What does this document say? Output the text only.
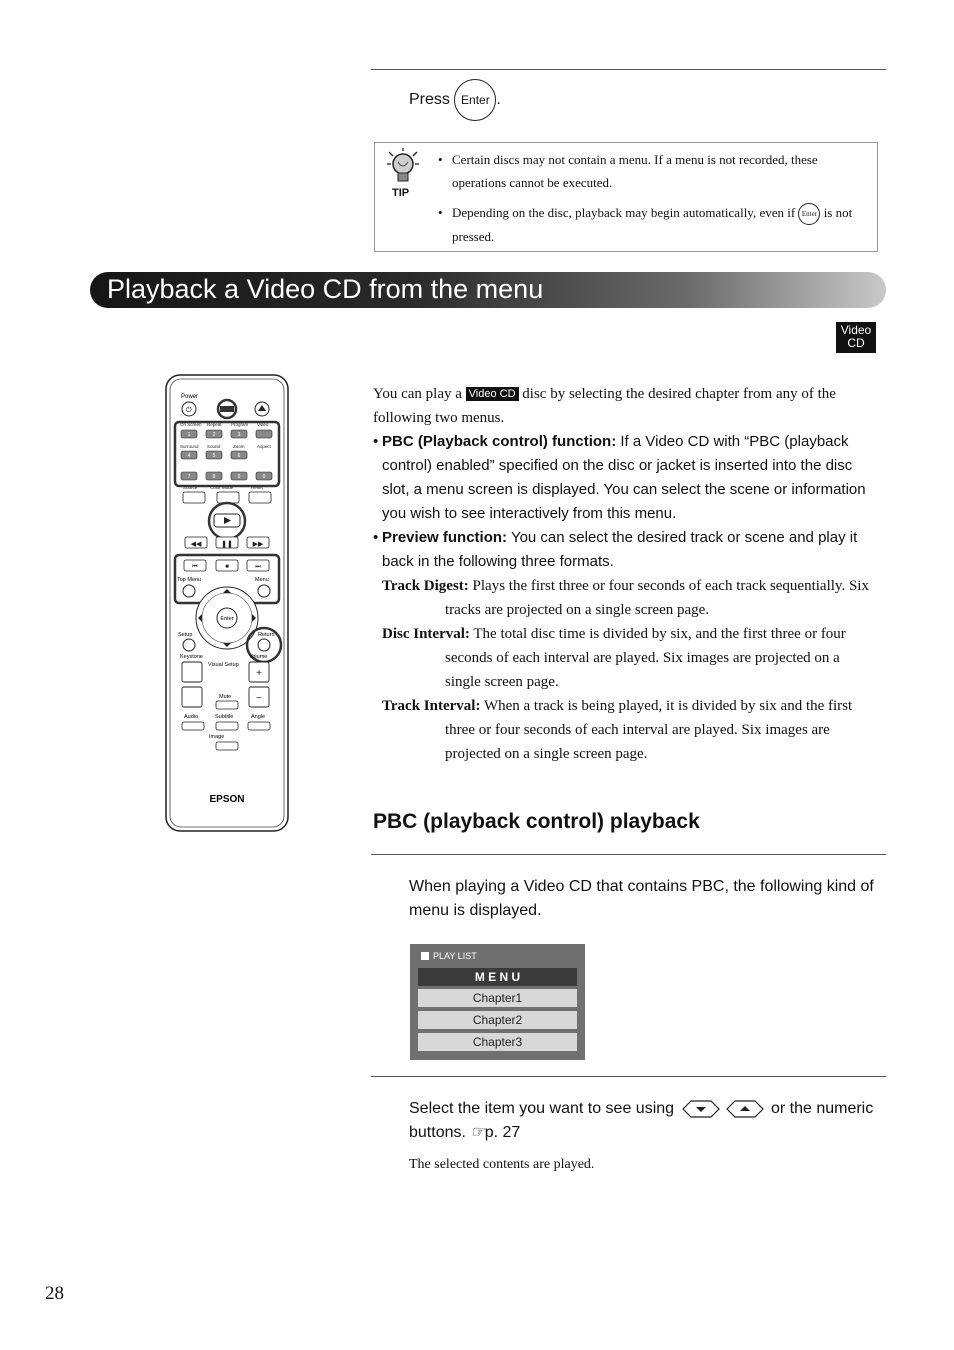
Press Enter .
TIP
• Certain discs may not contain a menu. If a menu is not recorded, these operations cannot be executed.
• Depending on the disc, playback may begin automatically, even if Enter is not pressed.
Playback a Video CD from the menu
Video
CD
Power
⏻
On Screen Repeat Program Video
Surround Sound	Zoom	Aspect
Source	Color Mode	Reset
1	2	3
4	5	6
7	8	9	0
◀◀	❚❚	▶▶
⏮	■	⏭
Top Menu	Menu
Enter
Setup	Return
Keystone
Visual Setup
Volume
+
−
Mute
Audio	Subtitle	Angle
Image
EPSON
You can play a Video CD disc by selecting the desired chapter from any of the following two menus.
• PBC (Playback control) function: If a Video CD with “PBC (playback control) enabled” specified on the disc or jacket is inserted into the disc slot, a menu screen is displayed. You can select the scene or information you wish to see interactively from this menu.
• Preview function: You can select the desired track or scene and play it back in the following three formats.
Track Digest: Plays the first three or four seconds of each track sequentially. Six tracks are projected on a single screen page.
Disc Interval: The total disc time is divided by six, and the first three or four seconds of each interval are played. Six images are projected on a single screen page.
Track Interval: When a track is being played, it is divided by six and the first three or four seconds of each interval are played. Six images are projected on a single screen page.
PBC (playback control) playback
When playing a Video CD that contains PBC, the following kind of menu is displayed.
PLAY LIST
M E N U
Chapter1
Chapter2
Chapter3
Select the item you want to see using	or the numeric buttons. ☞p. 27
The selected contents are played.
28
